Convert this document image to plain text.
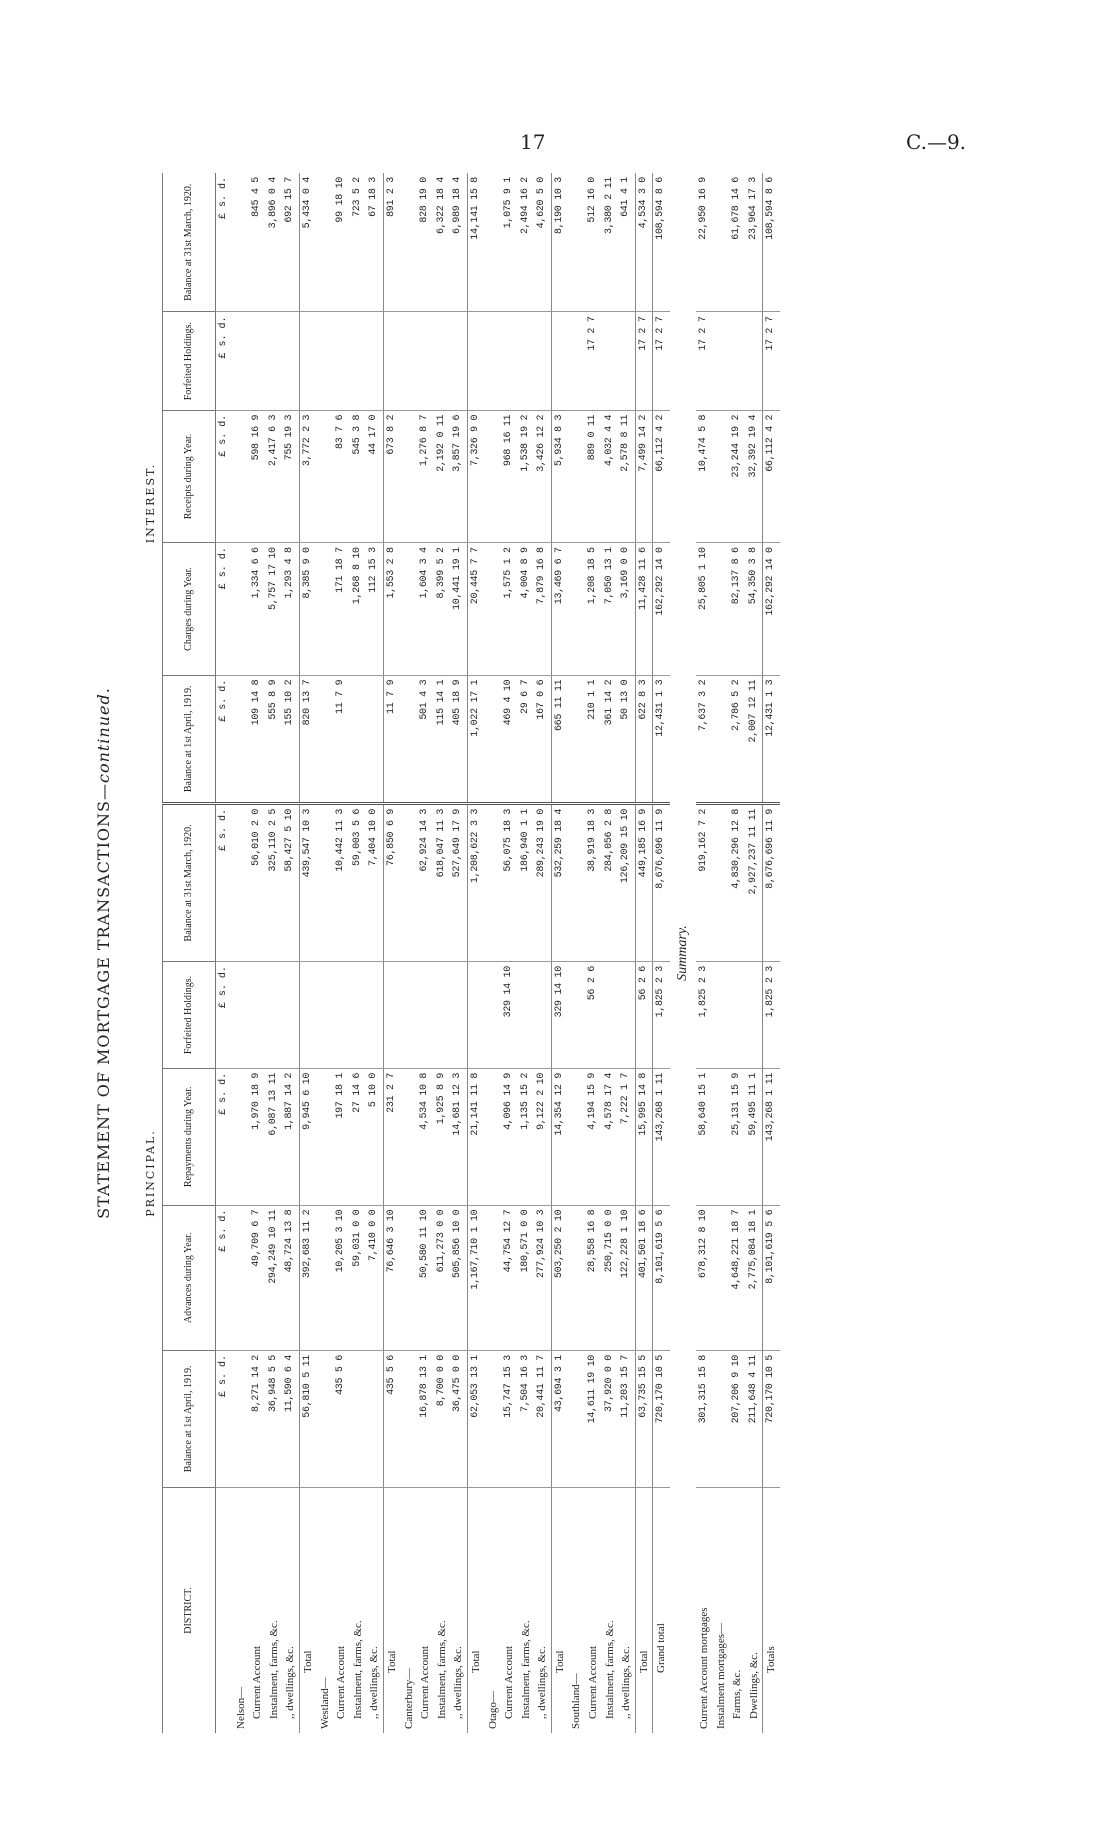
17	C.—9.
STATEMENT OF MORTGAGE TRANSACTIONS—continued.
PRINCIPAL.
INTEREST.
DISTRICT.	Balance at 1st April, 1919.	Advances during Year.	Repayments during Year.	Forfeited Holdings.	Balance at 31st March, 1920.	Balance at 1st April, 1919.	Charges during Year.	Receipts during Year.	Forfeited Holdings.	Balance at 31st March, 1920.
	£ s. d.	£ s. d.	£ s. d.	£ s. d.	£ s. d.	£ s. d.	£ s. d.	£ s. d.	£ s. d.	£ s. d.
Nelson—										
Current Account	8,271 14 2	49,709 6 7	1,970 18 9		56,010 2 0	109 14 8	1,334 6 6	598 16 9		845 4 5
Instalment, farms, &c.	36,948 5 5	294,249 10 11	6,087 13 11		325,110 2 5	555 8 9	5,757 17 10	2,417 6 3		3,896 0 4
,, dwellings, &c.	11,590 6 4	48,724 13 8	1,887 14 2		58,427 5 10	155 10 2	1,293 4 8	755 19 3		692 15 7
Total	56,810 5 11	392,683 11 2	9,945 6 10		439,547 10 3	820 13 7	8,385 9 0	3,772 2 3		5,434 0 4
Westland—										
Current Account	435 5 6	10,205 3 10	197 18 1		10,442 11 3	11 7 9	171 18 7	83 7 6		99 18 10
Instalment, farms, &c.		59,031 0 0	27 14 6		59,003 5 6		1,268 8 10	545 3 8		723 5 2
,, dwellings, &c.		7,410 0 0	5 10 0		7,404 10 0		112 15 3	44 17 0		67 18 3
Total	435 5 6	76,646 3 10	231 2 7		76,850 6 9	11 7 9	1,553 2 8	673 8 2		891 2 3
Canterbury—										
Current Account	16,878 13 1	50,580 11 10	4,534 10 8		62,924 14 3	501 4 3	1,604 3 4	1,276 8 7		828 19 0
Instalment, farms, &c.	8,700 0 0	611,273 0 0	1,925 8 9		618,047 11 3	115 14 1	8,399 5 2	2,192 0 11		6,322 18 4
,, dwellings, &c.	36,475 0 0	505,856 10 0	14,681 12 3		527,649 17 9	405 18 9	10,441 19 1	3,857 19 6		6,989 18 4
Total	62,053 13 1	1,167,710 1 10	21,141 11 8		1,208,622 3 3	1,022 17 1	20,445 7 7	7,326 9 0		14,141 15 8
Otago—										
Current Account	15,747 15 3	44,754 12 7	4,096 14 9	329 14 10	56,075 18 3	469 4 10	1,575 1 2	968 16 11		1,075 9 1
Instalment, farms, &c.	7,504 16 3	180,571 0 0	1,135 15 2		186,940 1 1	29 6 7	4,004 8 9	1,538 19 2		2,494 16 2
,, dwellings, &c.	20,441 11 7	277,924 10 3	9,122 2 10		289,243 19 0	167 0 6	7,879 16 8	3,426 12 2		4,620 5 0
Total	43,694 3 1	503,250 2 10	14,354 12 9	329 14 10	532,259 18 4	665 11 11	13,469 6 7	5,934 8 3		8,190 10 3
Southland—										
Current Account	14,611 19 10	28,558 16 8	4,194 15 9	56 2 6	38,919 18 3	210 1 1	1,208 18 5	889 0 11	17 2 7	512 16 0
Instalment, farms, &c.	37,920 0 0	250,715 0 0	4,578 17 4		284,056 2 8	361 14 2	7,050 13 1	4,032 4 4		3,380 2 11
,, dwellings, &c.	11,203 15 7	122,228 1 10	7,222 1 7		126,209 15 10	50 13 0	3,169 0 0	2,578 8 11		641 4 1
Total	63,735 15 5	401,501 18 6	15,995 14 8	56 2 6	449,185 16 9	622 8 3	11,428 11 6	7,499 14 2	17 2 7	4,534 3 0
Grand total	720,170 10 5	8,101,619 5 6	143,268 1 11	1,825 2 3	8,676,696 11 9	12,431 1 3	162,292 14 0	66,112 4 2	17 2 7	108,594 8 6
Summary.										
Current Account mortgages	301,315 15 8	678,312 8 10	58,640 15 1	1,825 2 3	919,162 7 2	7,637 3 2	25,805 1 10	10,474 5 8	17 2 7	22,950 16 9
Instalment mortgages—										
Farms, &c.	207,206 9 10	4,648,221 18 7	25,131 15 9		4,830,296 12 8	2,786 5 2	82,137 8 6	23,244 19 2		61,678 14 6
Dwellings, &c.	211,648 4 11	2,775,084 18 1	59,495 11 1		2,927,237 11 11	2,007 12 11	54,350 3 8	32,392 19 4		23,964 17 3
Totals	720,170 10 5	8,101,619 5 6	143,268 1 11	1,825 2 3	8,676,696 11 9	12,431 1 3	162,292 14 0	66,112 4 2	17 2 7	108,594 8 6
